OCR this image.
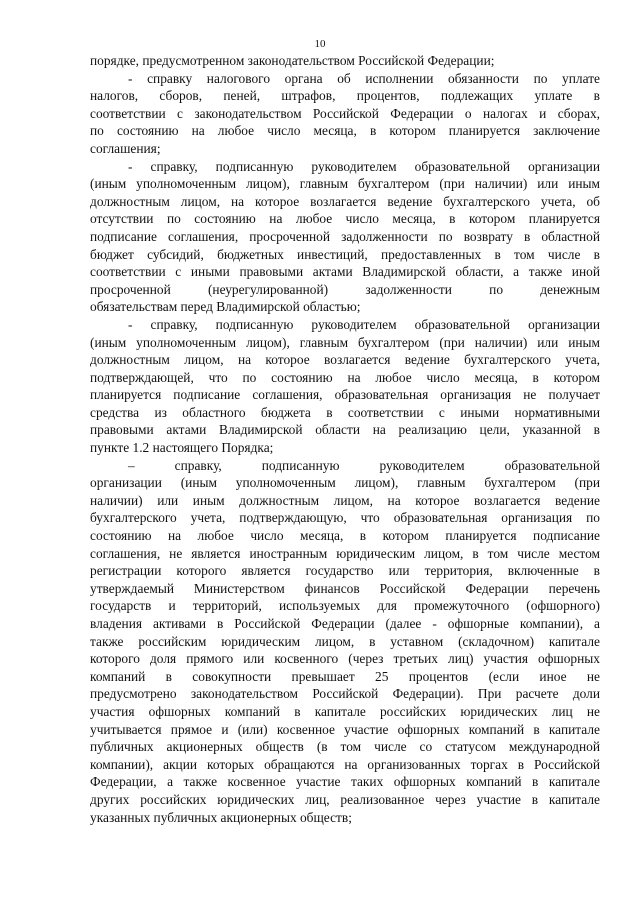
10
порядке, предусмотренном законодательством Российской Федерации;
- справку налогового органа об исполнении обязанности по уплате
налогов, сборов, пеней, штрафов, процентов, подлежащих уплате в
соответствии с законодательством Российской Федерации о налогах и сборах,
по состоянию на любое число месяца, в котором планируется заключение
соглашения;
- справку, подписанную руководителем образовательной организации
(иным уполномоченным лицом), главным бухгалтером (при наличии) или иным
должностным лицом, на которое возлагается ведение бухгалтерского учета, об
отсутствии по состоянию на любое число месяца, в котором планируется
подписание соглашения, просроченной задолженности по возврату в областной
бюджет субсидий, бюджетных инвестиций, предоставленных в том числе в
соответствии с иными правовыми актами Владимирской области, а также иной
просроченной (неурегулированной) задолженности по денежным
обязательствам перед Владимирской областью;
- справку, подписанную руководителем образовательной организации
(иным уполномоченным лицом), главным бухгалтером (при наличии) или иным
должностным лицом, на которое возлагается ведение бухгалтерского учета,
подтверждающей, что по состоянию на любое число месяца, в котором
планируется подписание соглашения, образовательная организация не получает
средства из областного бюджета в соответствии с иными нормативными
правовыми актами Владимирской области на реализацию цели, указанной в
пункте 1.2 настоящего Порядка;
– справку, подписанную руководителем образовательной
организации (иным уполномоченным лицом), главным бухгалтером (при
наличии) или иным должностным лицом, на которое возлагается ведение
бухгалтерского учета, подтверждающую, что образовательная организация по
состоянию на любое число месяца, в котором планируется подписание
соглашения, не является иностранным юридическим лицом, в том числе местом
регистрации которого является государство или территория, включенные в
утверждаемый Министерством финансов Российской Федерации перечень
государств и территорий, используемых для промежуточного (офшорного)
владения активами в Российской Федерации (далее - офшорные компании), а
также российским юридическим лицом, в уставном (складочном) капитале
которого доля прямого или косвенного (через третьих лиц) участия офшорных
компаний в совокупности превышает 25 процентов (если иное не
предусмотрено законодательством Российской Федерации). При расчете доли
участия офшорных компаний в капитале российских юридических лиц не
учитывается прямое и (или) косвенное участие офшорных компаний в капитале
публичных акционерных обществ (в том числе со статусом международной
компании), акции которых обращаются на организованных торгах в Российской
Федерации, а также косвенное участие таких офшорных компаний в капитале
других российских юридических лиц, реализованное через участие в капитале
указанных публичных акционерных обществ;
